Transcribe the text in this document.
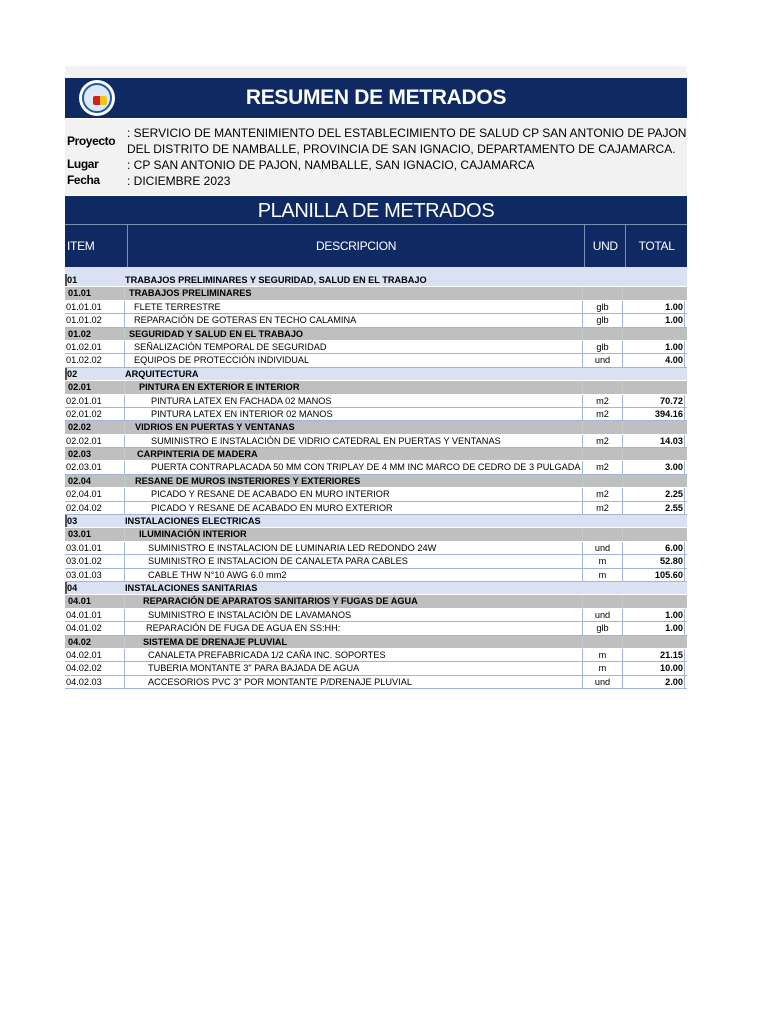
RESUMEN DE METRADOS
Proyecto
: SERVICIO DE MANTENIMIENTO DEL ESTABLECIMIENTO DE SALUD CP SAN ANTONIO DE PAJON DEL DISTRITO DE NAMBALLE, PROVINCIA DE SAN IGNACIO, DEPARTAMENTO DE CAJAMARCA.
Lugar	: CP SAN ANTONIO DE PAJON, NAMBALLE, SAN IGNACIO, CAJAMARCA
Fecha	: DICIEMBRE 2023
PLANILLA DE METRADOS
ITEM	DESCRIPCION	UND	TOTAL
01	TRABAJOS PRELIMINARES Y SEGURIDAD, SALUD EN EL TRABAJO
01.01	TRABAJOS PRELIMINARES
01.01.01	FLETE TERRESTRE	glb	1.00
01.01.02	REPARACIÓN DE GOTERAS EN TECHO CALAMINA	glb	1.00
01.02	SEGURIDAD Y SALUD EN EL TRABAJO
01.02.01	SEÑALIZACIÓN TEMPORAL DE SEGURIDAD	glb	1.00
01.02.02	EQUIPOS DE PROTECCIÓN INDIVIDUAL	und	4.00
02	ARQUITECTURA
02.01	PINTURA EN EXTERIOR E INTERIOR
02.01.01	PINTURA LATEX EN FACHADA 02 MANOS	m2	70.72
02.01.02	PINTURA LATEX EN INTERIOR 02 MANOS	m2	394.16
02.02	VIDRIOS EN PUERTAS Y VENTANAS
02.02.01	SUMINISTRO E INSTALACIÓN DE VIDRIO CATEDRAL EN PUERTAS Y VENTANAS	m2	14.03
02.03	CARPINTERIA DE MADERA
02.03.01	PUERTA CONTRAPLACADA 50 MM CON TRIPLAY DE 4 MM INC MARCO DE CEDRO DE 3 PULGADA	m2	3.00
02.04	RESANE DE MUROS INSTERIORES Y EXTERIORES
02.04.01	PICADO Y RESANE DE ACABADO EN MURO INTERIOR	m2	2.25
02.04.02	PICADO Y RESANE DE ACABADO EN MURO EXTERIOR	m2	2.55
03	INSTALACIONES ELECTRICAS
03.01	ILUMINACIÓN INTERIOR
03.01.01	SUMINISTRO E INSTALACION DE LUMINARIA LED REDONDO 24W	und	6.00
03.01.02	SUMINISTRO E INSTALACION DE CANALETA PARA CABLES	m	52.80
03.01.03	CABLE THW N°10 AWG 6.0 mm2	m	105.60
04	INSTALACIONES SANITARIAS
04.01	REPARACIÓN DE APARATOS SANITARIOS Y FUGAS DE AGUA
04.01.01	SUMINISTRO E INSTALACIÓN DE LAVAMANOS	und	1.00
04.01.02	REPARACIÓN DE FUGA DE AGUA EN SS:HH:	glb	1.00
04.02	SISTEMA DE DRENAJE PLUVIAL
04.02.01	CANALETA PREFABRICADA 1/2 CAÑA INC. SOPORTES	m	21.15
04.02.02	TUBERIA MONTANTE 3" PARA BAJADA DE AGUA	m	10.00
04.02.03	ACCESORIOS PVC 3" POR MONTANTE P/DRENAJE PLUVIAL	und	2.00
